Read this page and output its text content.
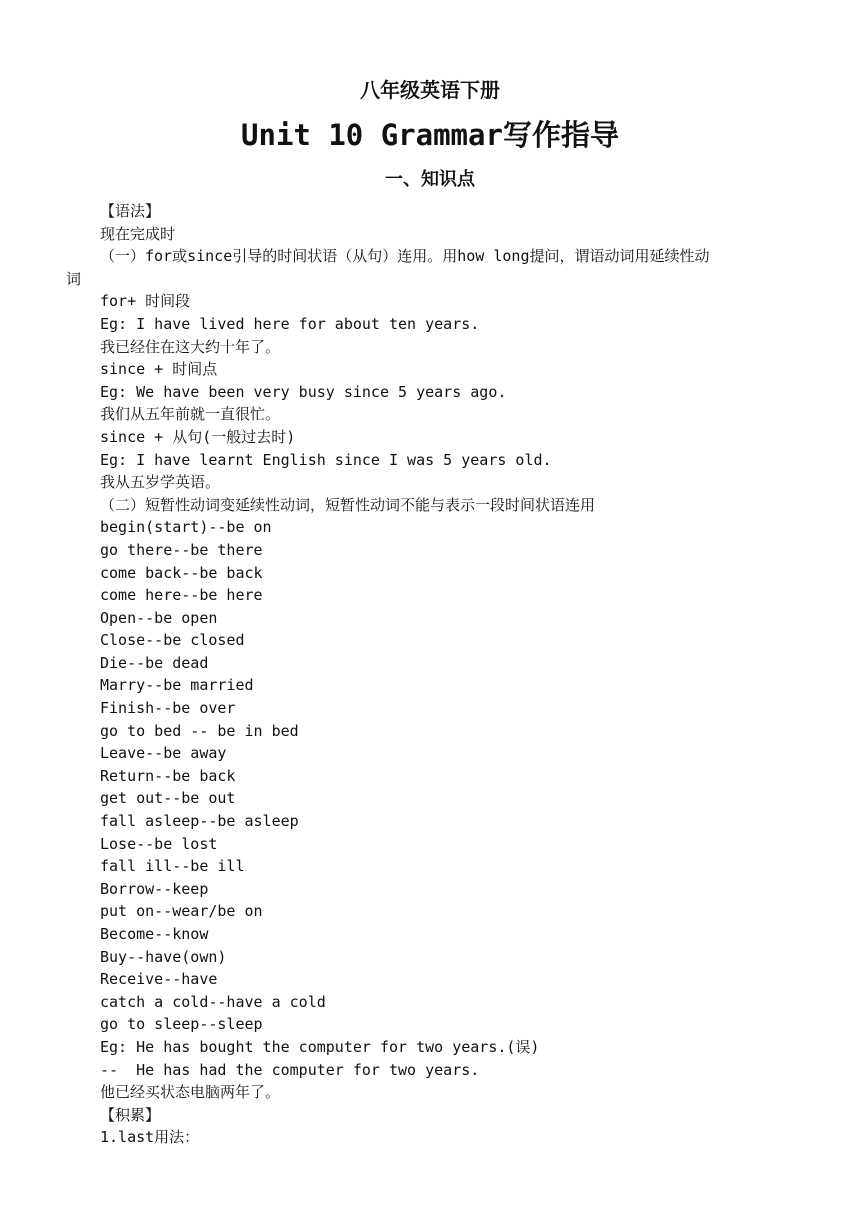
八年级英语下册
Unit 10 Grammar写作指导
一、知识点
【语法】
现在完成时
（一）for或since引导的时间状语（从句）连用。用how long提问，谓语动词用延续性动
词
for+ 时间段
Eg: I have lived here for about ten years.
我已经住在这大约十年了。
since + 时间点
Eg: We have been very busy since 5 years ago.
我们从五年前就一直很忙。
since + 从句(一般过去时)
Eg: I have learnt English since I was 5 years old.
我从五岁学英语。
（二）短暂性动词变延续性动词，短暂性动词不能与表示一段时间状语连用
begin(start)--be on
go there--be there
come back--be back
come here--be here
Open--be open
Close--be closed
Die--be dead
Marry--be married
Finish--be over
go to bed -- be in bed
Leave--be away
Return--be back
get out--be out
fall asleep--be asleep
Lose--be lost
fall ill--be ill
Borrow--keep
put on--wear/be on
Become--know
Buy--have(own)
Receive--have
catch a cold--have a cold
go to sleep--sleep
Eg: He has bought the computer for two years.(误)
--  He has had the computer for two years.
他已经买状态电脑两年了。
【积累】
1.last用法：
